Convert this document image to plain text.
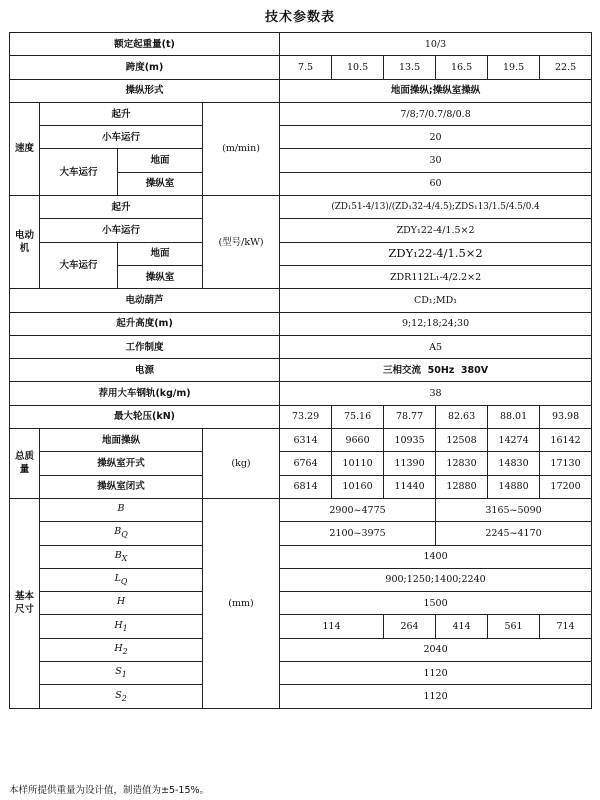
技术参数表
额定起重量(t)				10/3					
跨度(m)				7.5	10.5	13.5	16.5	19.5	22.5
操纵形式				地面操纵;操纵室操纵					
速度	起升		(m/min)	7/8;7/0.7/8/0.8					
	小车运行			20					
	大车运行	地面		30					
		操纵室		60					
电动机	起升		(型号/kW)	(ZD₁51-4/13)/(ZD₁32-4/4.5);ZDS₁13/1.5/4.5/0.4					
	小车运行			ZDY₁22-4/1.5×2					
	大车运行	地面		ZDY₁22-4/1.5×2					
		操纵室		ZDR112L₁-4/2.2×2					
电动葫芦				CD₁;MD₁					
起升高度(m)				9;12;18;24;30					
工作制度				A5					
电源				三相交流  50Hz  380V					
荐用大车钢轨(kg/m)				38					
最大轮压(kN)				73.29	75.16	78.77	82.63	88.01	93.98
总质量	地面操纵		(kg)	6314	9660	10935	12508	14274	16142
	操纵室开式			6764	10110	11390	12830	14830	17130
	操纵室闭式			6814	10160	11440	12880	14880	17200
基本尺寸	B		(mm)	2900~4775			3165~5090		
	$B_Q$			2100~3975			2245~4170		
	$B_X$			1400					
	$L_Q$			900;1250;1400;2240					
	H			1500					
	$H_1$			114		264	414	561	714
	$H_2$			2040					
	$S_1$			1120					
	$S_2$			1120					
本样所提供重量为设计值，制造值为±5-15%。
